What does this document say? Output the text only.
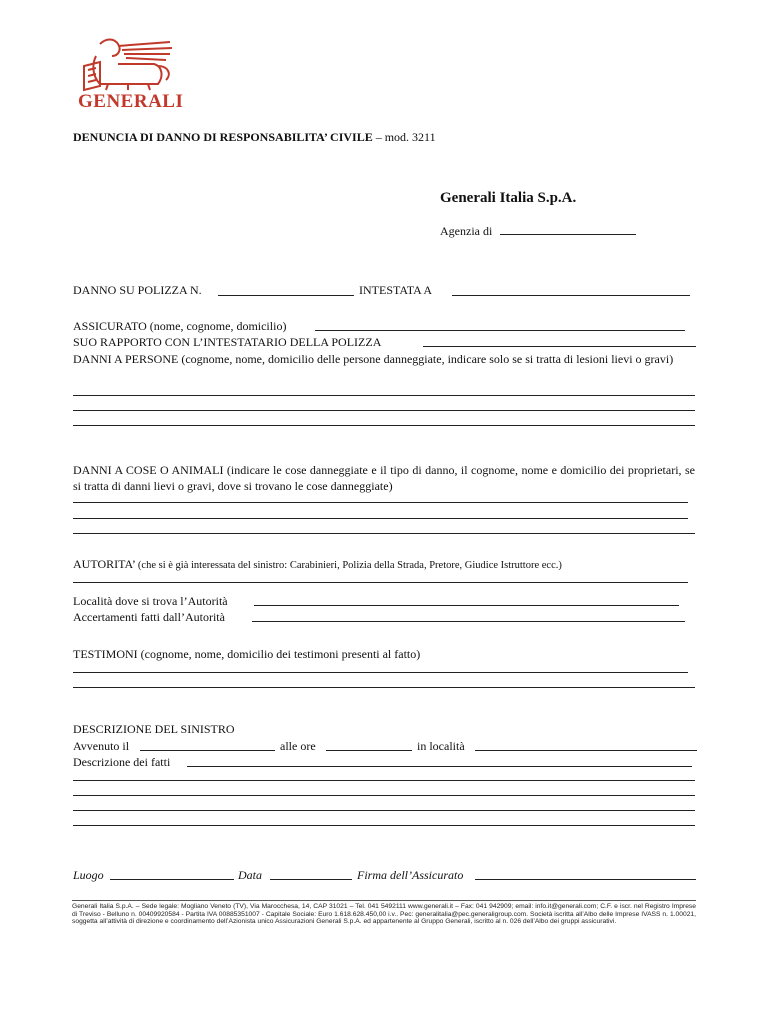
GENERALI
DENUNCIA DI DANNO DI RESPONSABILITA’ CIVILE – mod. 3211
Generali Italia S.p.A.
Agenzia di
DANNO SU POLIZZA N.	INTESTATA A
ASSICURATO (nome, cognome, domicilio)
SUO RAPPORTO CON L’INTESTATARIO DELLA POLIZZA
DANNI A PERSONE (cognome, nome, domicilio delle persone danneggiate, indicare solo se si tratta di lesioni lievi o gravi)
DANNI A COSE O ANIMALI (indicare le cose danneggiate e il tipo di danno, il cognome, nome e domicilio dei proprietari, se si tratta di danni lievi o gravi, dove si trovano le cose danneggiate)
AUTORITA’ (che si è già interessata del sinistro: Carabinieri, Polizia della Strada, Pretore, Giudice Istruttore ecc.)
Località dove si trova l’Autorità
Accertamenti fatti dall’Autorità
TESTIMONI (cognome, nome, domicilio dei testimoni presenti al fatto)
DESCRIZIONE DEL SINISTRO
Avvenuto il	alle ore	in località
Descrizione dei fatti
Luogo	Data	Firma dell’Assicurato
Generali Italia S.p.A. – Sede legale: Mogliano Veneto (TV), Via Marocchesa, 14, CAP 31021 – Tel. 041 5492111 www.generali.it – Fax: 041 942909; email: info.it@generali.com; C.F. e iscr. nel Registro Imprese di Treviso - Belluno n. 00409920584 - Partita IVA 00885351007 - Capitale Sociale: Euro 1.618.628.450,00 i.v.. Pec: generalitalia@pec.generaligroup.com. Società iscritta all’Albo delle Imprese IVASS n. 1.00021, soggetta all’attività di direzione e coordinamento dell’Azionista unico Assicurazioni Generali S.p.A. ed appartenente al Gruppo Generali, iscritto al n. 026 dell’Albo dei gruppi assicurativi.
